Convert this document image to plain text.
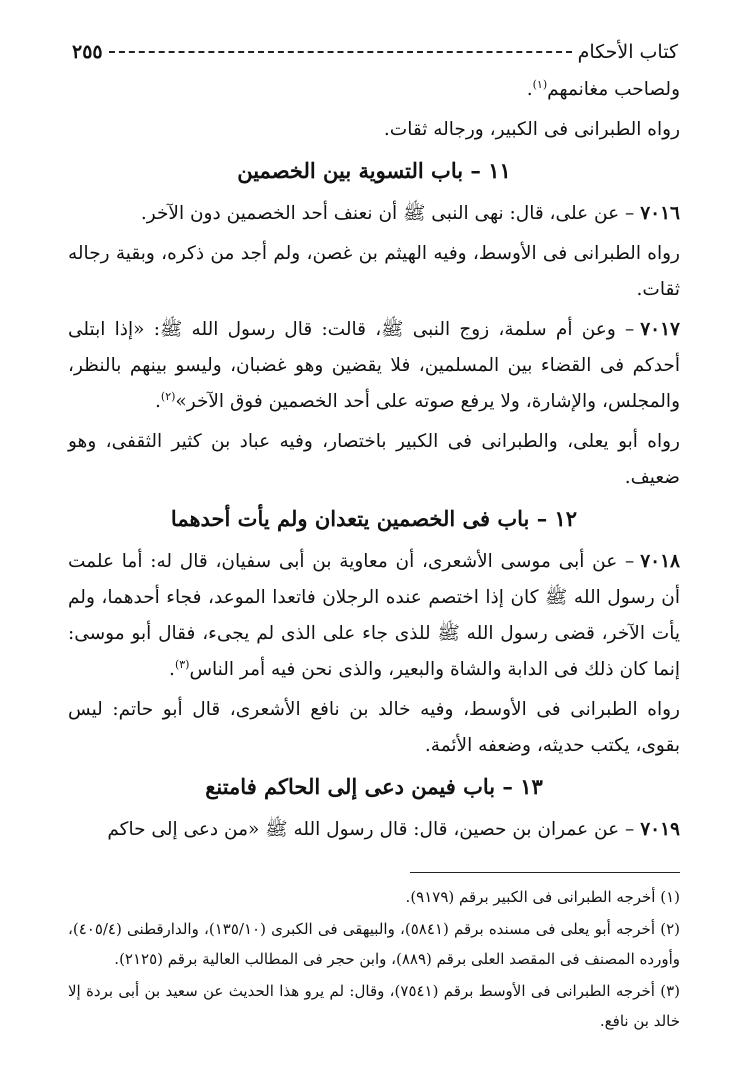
كتاب الأحكام
٢٥٥

ولصاحب مغانمهم$^{(١)}$.

رواه الطبرانى فى الكبير، ورجاله ثقات.

١١ – باب التسوية بين الخصمين

٧٠١٦– عن على، قال: نهى النبى ﷺ أن نعنف أحد الخصمين دون الآخر.

رواه الطبرانى فى الأوسط، وفيه الهيثم بن غصن، ولم أجد من ذكره، وبقية رجاله ثقات.

٧٠١٧– وعن أم سلمة، زوج النبى ﷺ، قالت: قال رسول الله ﷺ: «إذا ابتلى أحدكم فى القضاء بين المسلمين، فلا يقضين وهو غضبان، وليسو بينهم بالنظر، والمجلس، والإشارة، ولا يرفع صوته على أحد الخصمين فوق الآخر»$^{(٢)}$.

رواه أبو يعلى، والطبرانى فى الكبير باختصار، وفيه عباد بن كثير الثقفى، وهو ضعيف.

١٢ – باب فى الخصمين يتعدان ولم يأت أحدهما

٧٠١٨– عن أبى موسى الأشعرى، أن معاوية بن أبى سفيان، قال له: أما علمت أن رسول الله ﷺ كان إذا اختصم عنده الرجلان فاتعدا الموعد، فجاء أحدهما، ولم يأت الآخر، قضى رسول الله ﷺ للذى جاء على الذى لم يجىء، فقال أبو موسى: إنما كان ذلك فى الدابة والشاة والبعير، والذى نحن فيه أمر الناس$^{(٣)}$.

رواه الطبرانى فى الأوسط، وفيه خالد بن نافع الأشعرى، قال أبو حاتم: ليس بقوى، يكتب حديثه، وضعفه الأئمة.

١٣ – باب فيمن دعى إلى الحاكم فامتنع

٧٠١٩– عن عمران بن حصين، قال: قال رسول الله ﷺ «من دعى إلى حاكم

(١) أخرجه الطبرانى فى الكبير برقم (٩١٧٩).

(٢) أخرجه أبو يعلى فى مسنده برقم (٥٨٤١)، والبيهقى فى الكبرى (١٣٥/١٠)، والدارقطنى (٤٠٥/٤)، وأورده المصنف فى المقصد العلى برقم (٨٨٩)، وابن حجر فى المطالب العالية برقم (٢١٢٥).

(٣) أخرجه الطبرانى فى الأوسط برقم (٧٥٤١)، وقال: لم يرو هذا الحديث عن سعيد بن أبى بردة إلا خالد بن نافع.
